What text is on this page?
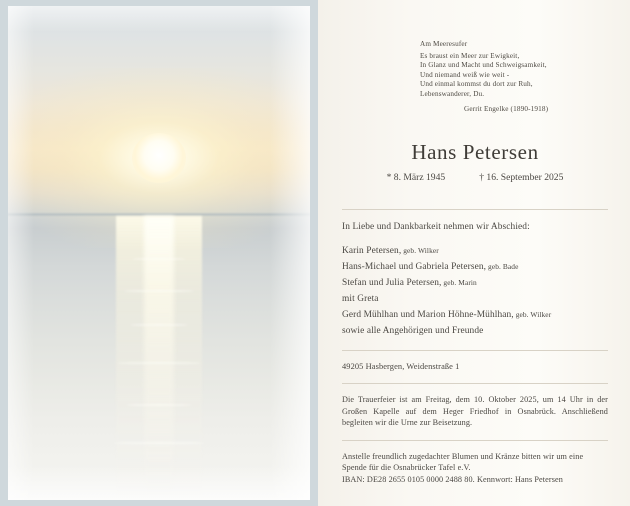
Am Meeresufer
Es braust ein Meer zur Ewigkeit,
In Glanz und Macht und Schweigsamkeit,
Und niemand weiß wie weit -
Und einmal kommst du dort zur Ruh,
Lebenswanderer, Du.
Gerrit Engelke (1890-1918)
Hans Petersen
* 8. März 1945	† 16. September 2025
In Liebe und Dankbarkeit nehmen wir Abschied:
Karin Petersen, geb. Wilker
Hans-Michael und Gabriela Petersen, geb. Bade
Stefan und Julia Petersen, geb. Marin
mit Greta
Gerd Mühlhan und Marion Höhne-Mühlhan, geb. Wilker
sowie alle Angehörigen und Freunde
49205 Hasbergen, Weidenstraße 1
Die Trauerfeier ist am Freitag, dem 10. Oktober 2025, um 14 Uhr in der Großen Kapelle auf dem Heger Friedhof in Osnabrück. Anschließend begleiten wir die Urne zur Beisetzung.
Anstelle freundlich zugedachter Blumen und Kränze bitten wir um eine Spende für die Osnabrücker Tafel e.V.
IBAN: DE28 2655 0105 0000 2488 80. Kennwort: Hans Petersen
